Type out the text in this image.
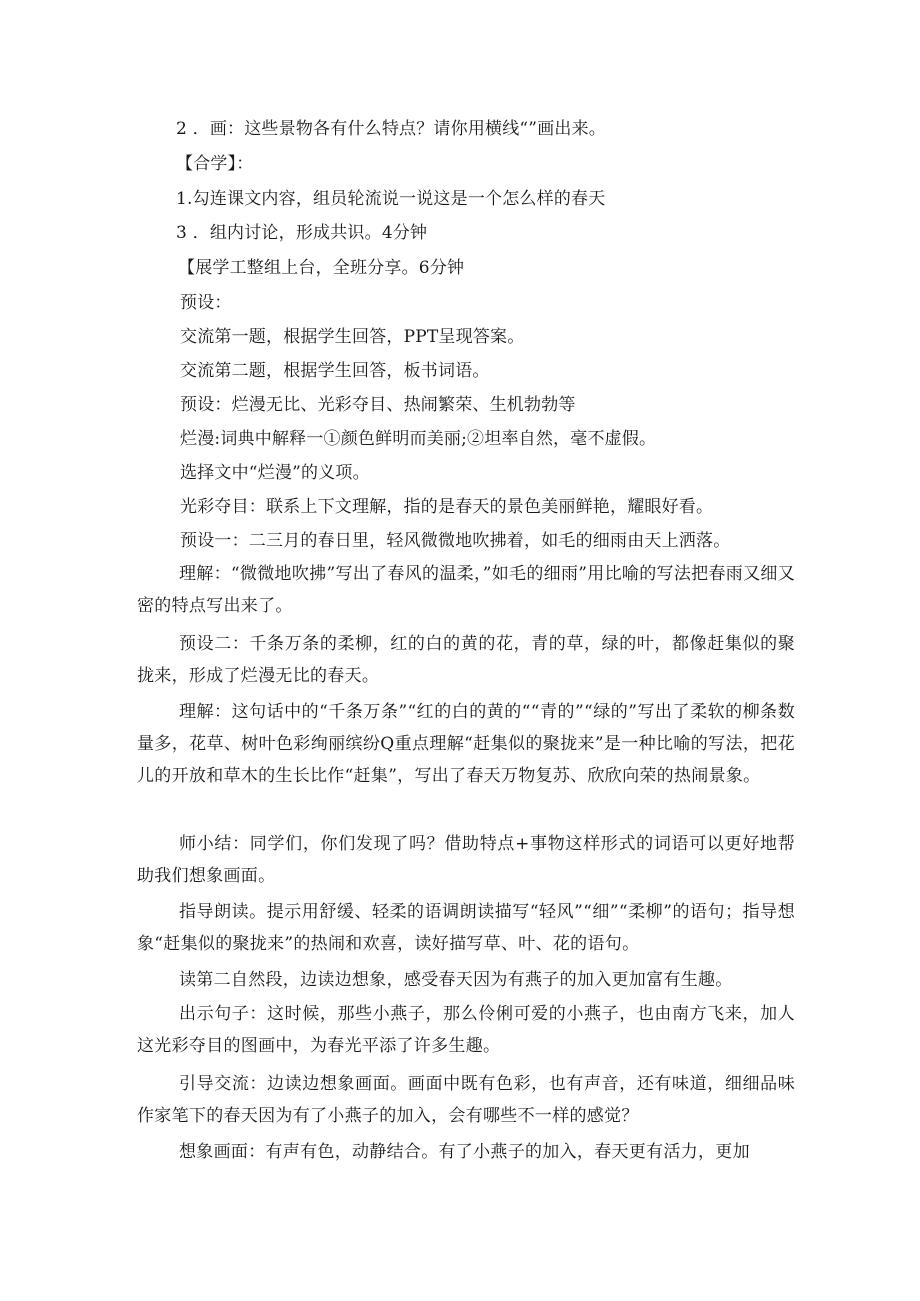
2 ．画：这些景物各有什么特点？请你用横线“”画出来。
【合学】：
1.勾连课文内容，组员轮流说一说这是一个怎么样的春天
3 ．组内讨论，形成共识。4分钟
【展学工整组上台，全班分享。6分钟
预设：
交流第一题，根据学生回答，PPT呈现答案。
交流第二题，根据学生回答，板书词语。
预设：烂漫无比、光彩夺目、热闹繁荣、生机勃勃等
烂漫:词典中解释一①颜色鲜明而美丽;②坦率自然，毫不虚假。
选择文中“烂漫”的义项。
光彩夺目：联系上下文理解，指的是春天的景色美丽鲜艳，耀眼好看。
预设一：二三月的春日里，轻风微微地吹拂着，如毛的细雨由天上洒落。
理解：“微微地吹拂”写出了春风的温柔，”如毛的细雨”用比喻的写法把春雨又细又密的特点写出来了。
预设二：千条万条的柔柳，红的白的黄的花，青的草，绿的叶，都像赶集似的聚拢来，形成了烂漫无比的春天。
理解：这句话中的“千条万条”“红的白的黄的““青的”“绿的”写出了柔软的柳条数量多，花草、树叶色彩绚丽缤纷Q重点理解“赶集似的聚拢来”是一种比喻的写法，把花儿的开放和草木的生长比作“赶集”，写出了春天万物复苏、欣欣向荣的热闹景象。
师小结：同学们，你们发现了吗？借助特点+事物这样形式的词语可以更好地帮助我们想象画面。
指导朗读。提示用舒缓、轻柔的语调朗读描写“轻风”“细”“柔柳”的语句；指导想象“赶集似的聚拢来”的热闹和欢喜，读好描写草、叶、花的语句。
读第二自然段，边读边想象，感受春天因为有燕子的加入更加富有生趣。
出示句子：这时候，那些小燕子，那么伶俐可爱的小燕子，也由南方飞来，加人这光彩夺目的图画中，为春光平添了许多生趣。
引导交流：边读边想象画面。画面中既有色彩，也有声音，还有味道，细细品味作家笔下的春天因为有了小燕子的加入，会有哪些不一样的感觉？
想象画面：有声有色，动静结合。有了小燕子的加入，春天更有活力，更加
